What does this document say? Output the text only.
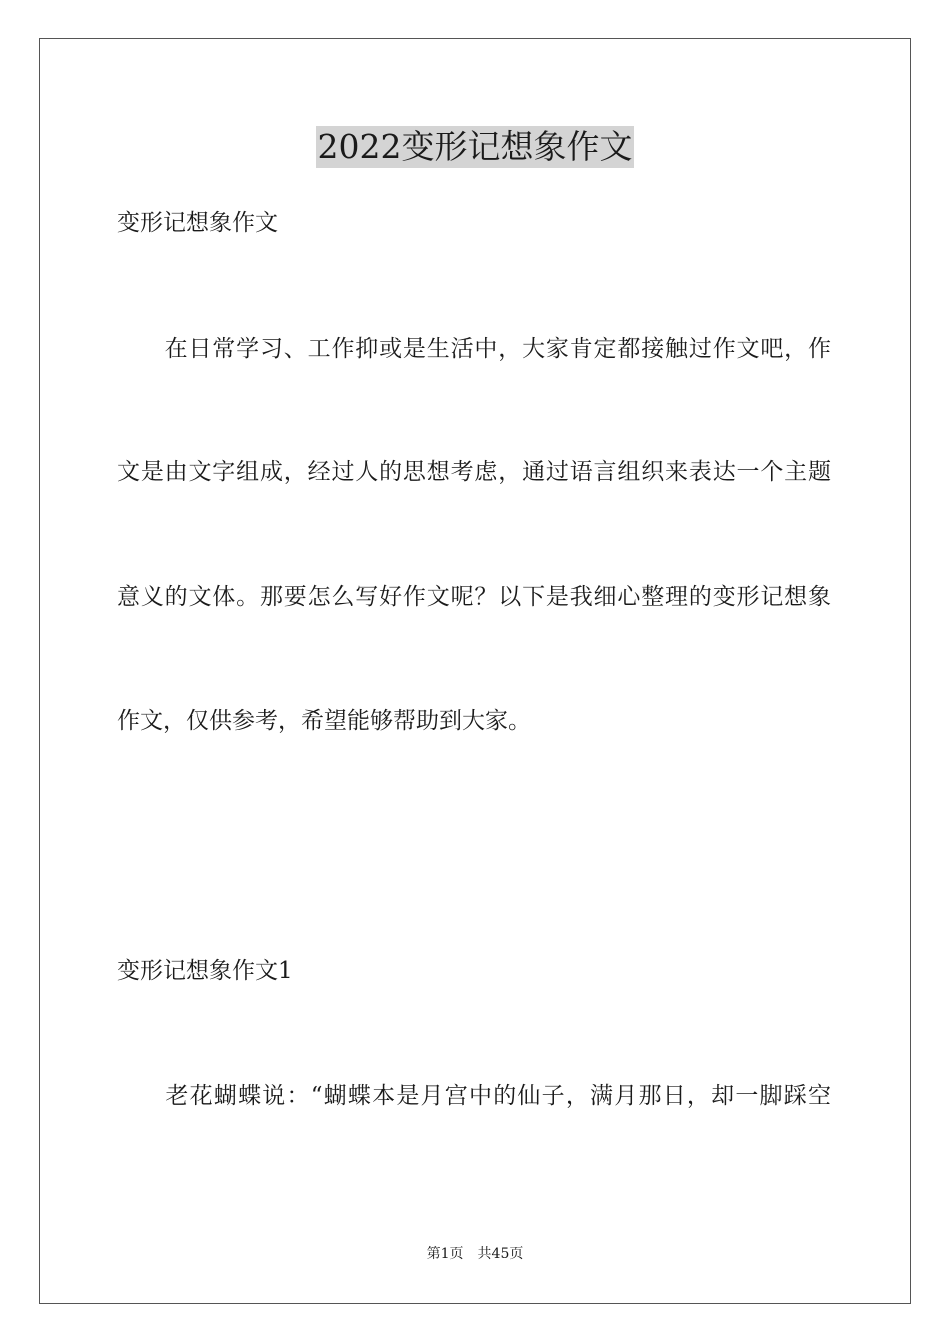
2022变形记想象作文
变形记想象作文
　　在日常学习、工作抑或是生活中，大家肯定都接触过作文吧，作
文是由文字组成，经过人的思想考虑，通过语言组织来表达一个主题
意义的文体。那要怎么写好作文呢？以下是我细心整理的变形记想象
作文，仅供参考，希望能够帮助到大家。
变形记想象作文1
　　老花蝴蝶说：“蝴蝶本是月宫中的仙子，满月那日，却一脚踩空
第1页 共45页
